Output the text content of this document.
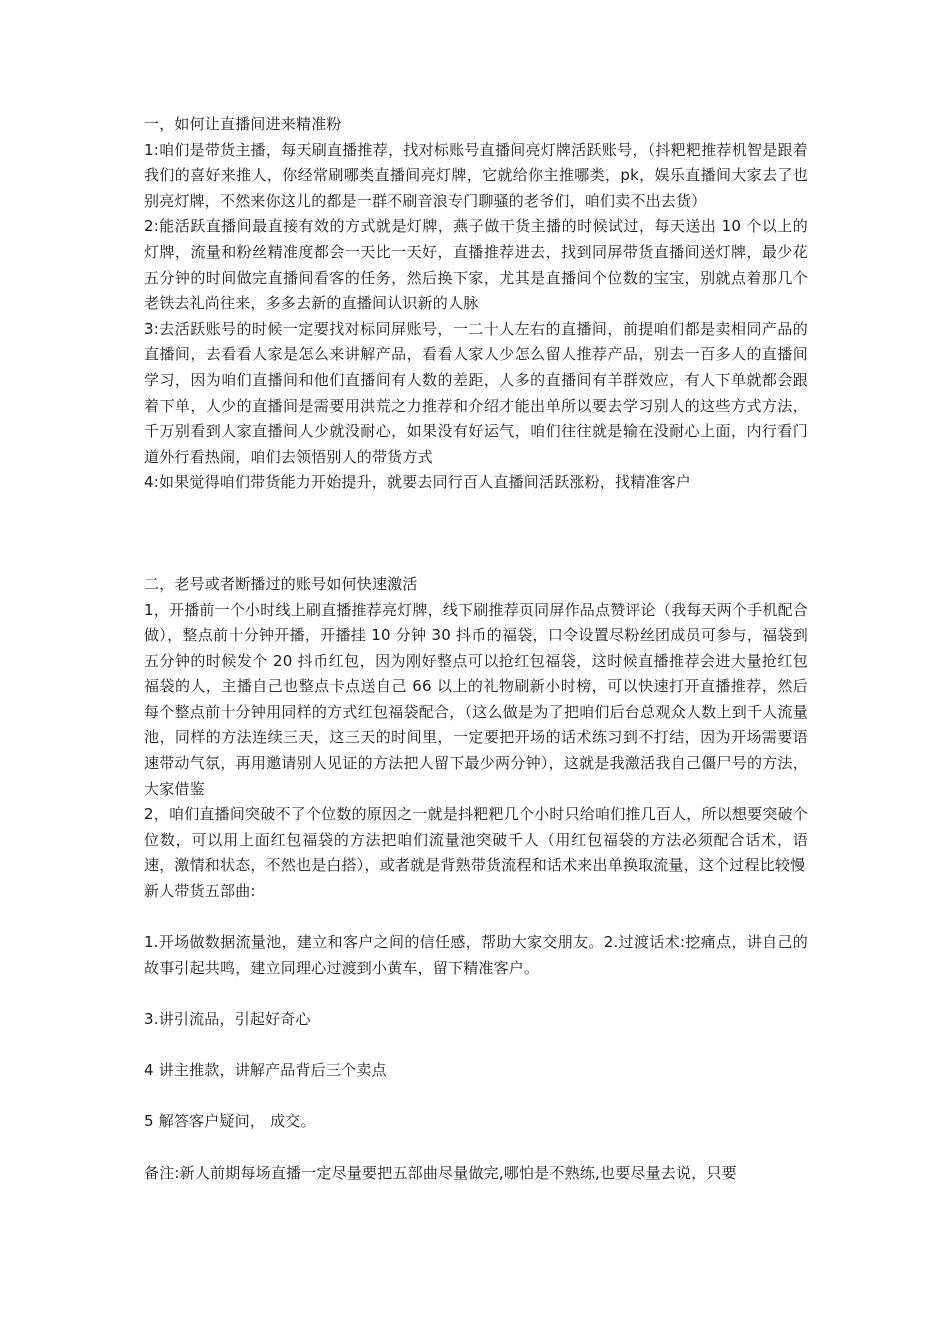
一，如何让直播间进来精准粉

1:咱们是带货主播，每天刷直播推荐，找对标账号直播间亮灯牌活跃账号，（抖粑粑推荐机智是跟着我们的喜好来推人，你经常刷哪类直播间亮灯牌，它就给你主推哪类，pk，娱乐直播间大家去了也别亮灯牌，不然来你这儿的都是一群不刷音浪专门聊骚的老爷们，咱们卖不出去货）

2:能活跃直播间最直接有效的方式就是灯牌，燕子做干货主播的时候试过，每天送出 10 个以上的灯牌，流量和粉丝精准度都会一天比一天好，直播推荐进去，找到同屏带货直播间送灯牌，最少花五分钟的时间做完直播间看客的任务，然后换下家，尤其是直播间个位数的宝宝，别就点着那几个老铁去礼尚往来，多多去新的直播间认识新的人脉

3:去活跃账号的时候一定要找对标同屏账号，一二十人左右的直播间，前提咱们都是卖相同产品的直播间，去看看人家是怎么来讲解产品，看看人家人少怎么留人推荐产品，别去一百多人的直播间学习，因为咱们直播间和他们直播间有人数的差距，人多的直播间有羊群效应，有人下单就都会跟着下单，人少的直播间是需要用洪荒之力推荐和介绍才能出单所以要去学习别人的这些方式方法，千万别看到人家直播间人少就没耐心，如果没有好运气，咱们往往就是输在没耐心上面，内行看门道外行看热闹，咱们去领悟别人的带货方式

4:如果觉得咱们带货能力开始提升，就要去同行百人直播间活跃涨粉，找精准客户

二，老号或者断播过的账号如何快速激活

1，开播前一个小时线上刷直播推荐亮灯牌，线下刷推荐页同屏作品点赞评论（我每天两个手机配合做），整点前十分钟开播，开播挂 10 分钟 30 抖币的福袋，口令设置尽粉丝团成员可参与，福袋到五分钟的时候发个 20 抖币红包，因为刚好整点可以抢红包福袋，这时候直播推荐会进大量抢红包福袋的人，主播自己也整点卡点送自己 66 以上的礼物刷新小时榜，可以快速打开直播推荐，然后每个整点前十分钟用同样的方式红包福袋配合，（这么做是为了把咱们后台总观众人数上到千人流量池，同样的方法连续三天，这三天的时间里，一定要把开场的话术练习到不打结，因为开场需要语速带动气氛，再用邀请别人见证的方法把人留下最少两分钟），这就是我激活我自己僵尸号的方法，大家借鉴

2，咱们直播间突破不了个位数的原因之一就是抖粑粑几个小时只给咱们推几百人，所以想要突破个位数，可以用上面红包福袋的方法把咱们流量池突破千人（用红包福袋的方法必须配合话术，语速，激情和状态，不然也是白搭），或者就是背熟带货流程和话术来出单换取流量，这个过程比较慢

新人带货五部曲:

1.开场做数据流量池，建立和客户之间的信任感，帮助大家交朋友。2.过渡话术:挖痛点，讲自己的故事引起共鸣，建立同理心过渡到小黄车，留下精准客户。

3.讲引流品，引起好奇心

4 讲主推款，讲解产品背后三个卖点

5 解答客户疑问， 成交。

备注:新人前期每场直播一定尽量要把五部曲尽量做完,哪怕是不熟练,也要尽量去说，只要
